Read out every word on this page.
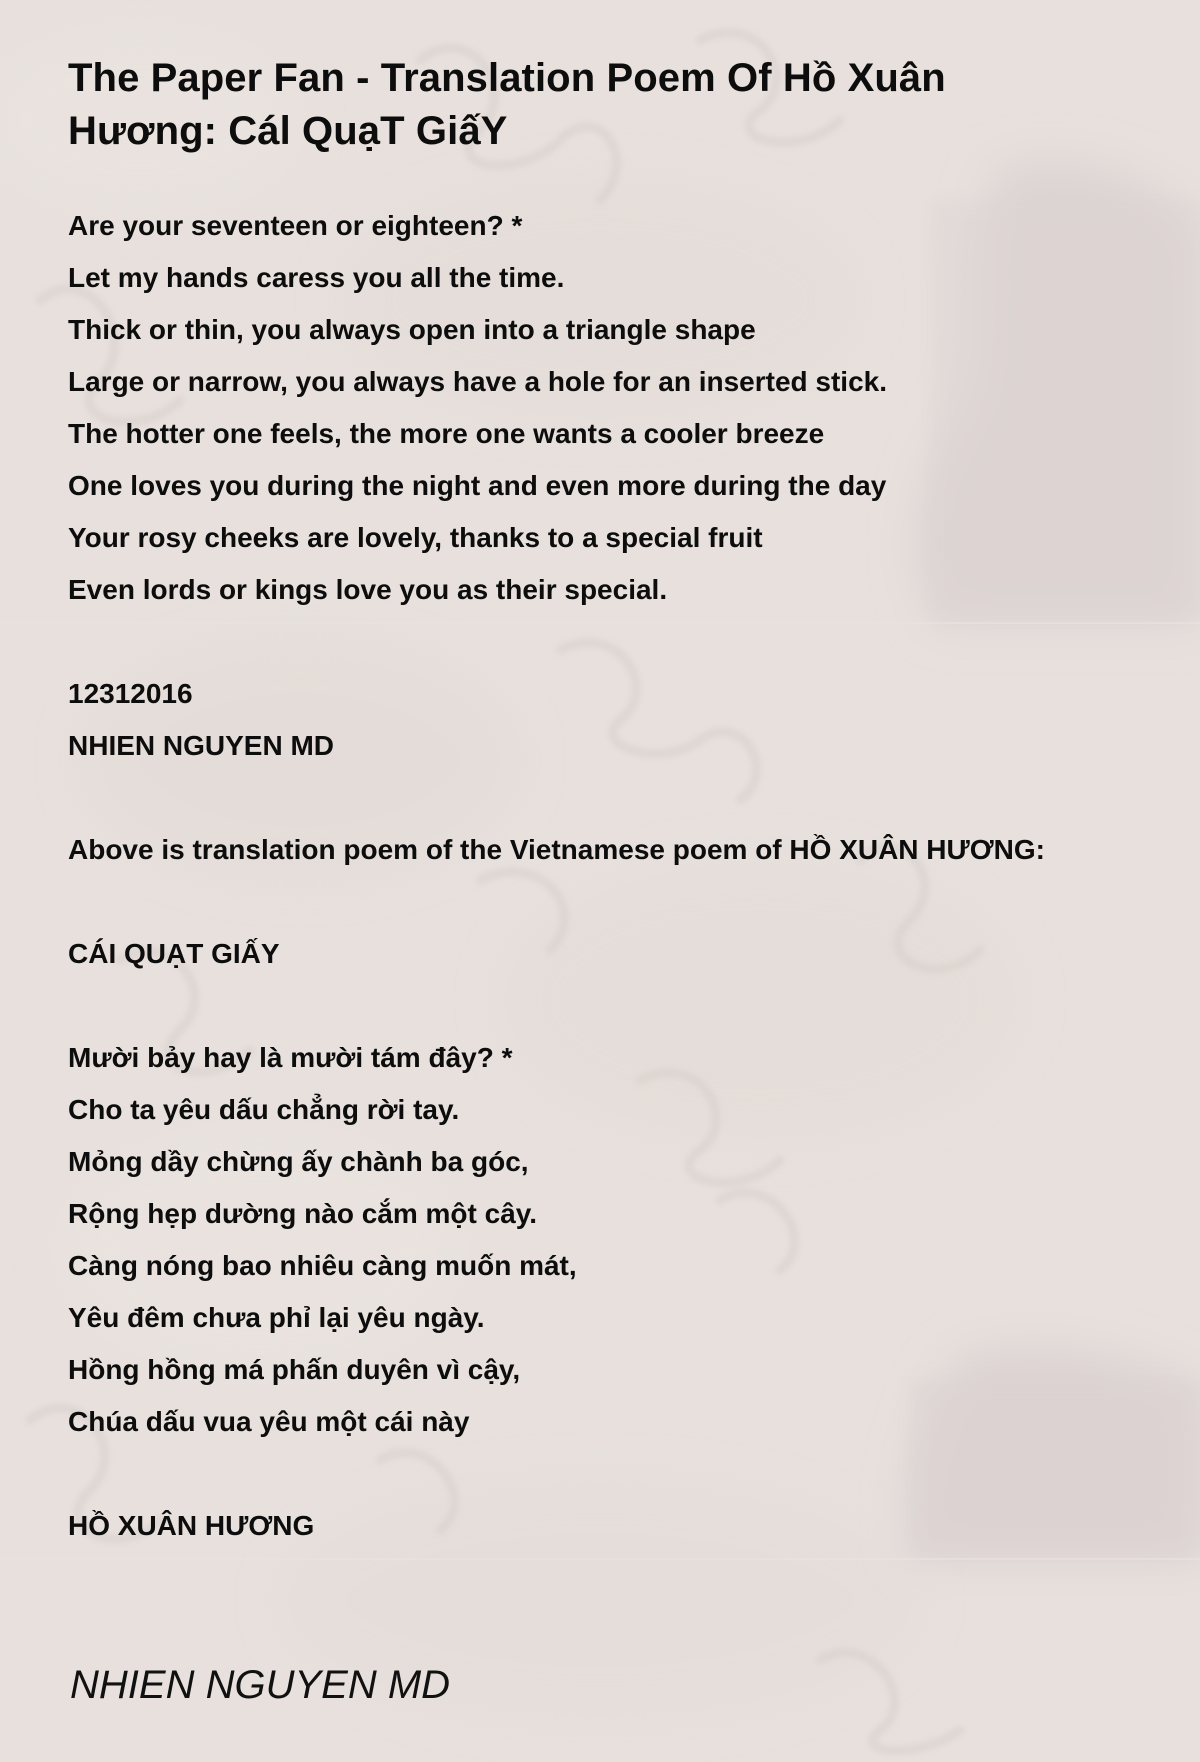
The Paper Fan - Translation Poem Of Hồ Xuân
Hương: Cál QuạT GiấY
Are your seventeen or eighteen? *
Let my hands caress you all the time.
Thick or thin, you always open into a triangle shape
Large or narrow, you always have a hole for an inserted stick.
The hotter one feels, the more one wants a cooler breeze
One loves you during the night and even more during the day
Your rosy cheeks are lovely, thanks to a special fruit
Even lords or kings love you as their special.
12312016
NHIEN NGUYEN MD
Above is translation poem of the Vietnamese poem of HỒ XUÂN HƯƠNG:
CÁI QUẠT GIẤY
Mười bảy hay là mười tám đây? *
Cho ta yêu dấu chẳng rời tay.
Mỏng dầy chừng ấy chành ba góc,
Rộng hẹp dường nào cắm một cây.
Càng nóng bao nhiêu càng muốn mát,
Yêu đêm chưa phỉ lại yêu ngày.
Hồng hồng má phấn duyên vì cậy,
Chúa dấu vua yêu một cái này
HỒ XUÂN HƯƠNG
NHIEN NGUYEN MD
